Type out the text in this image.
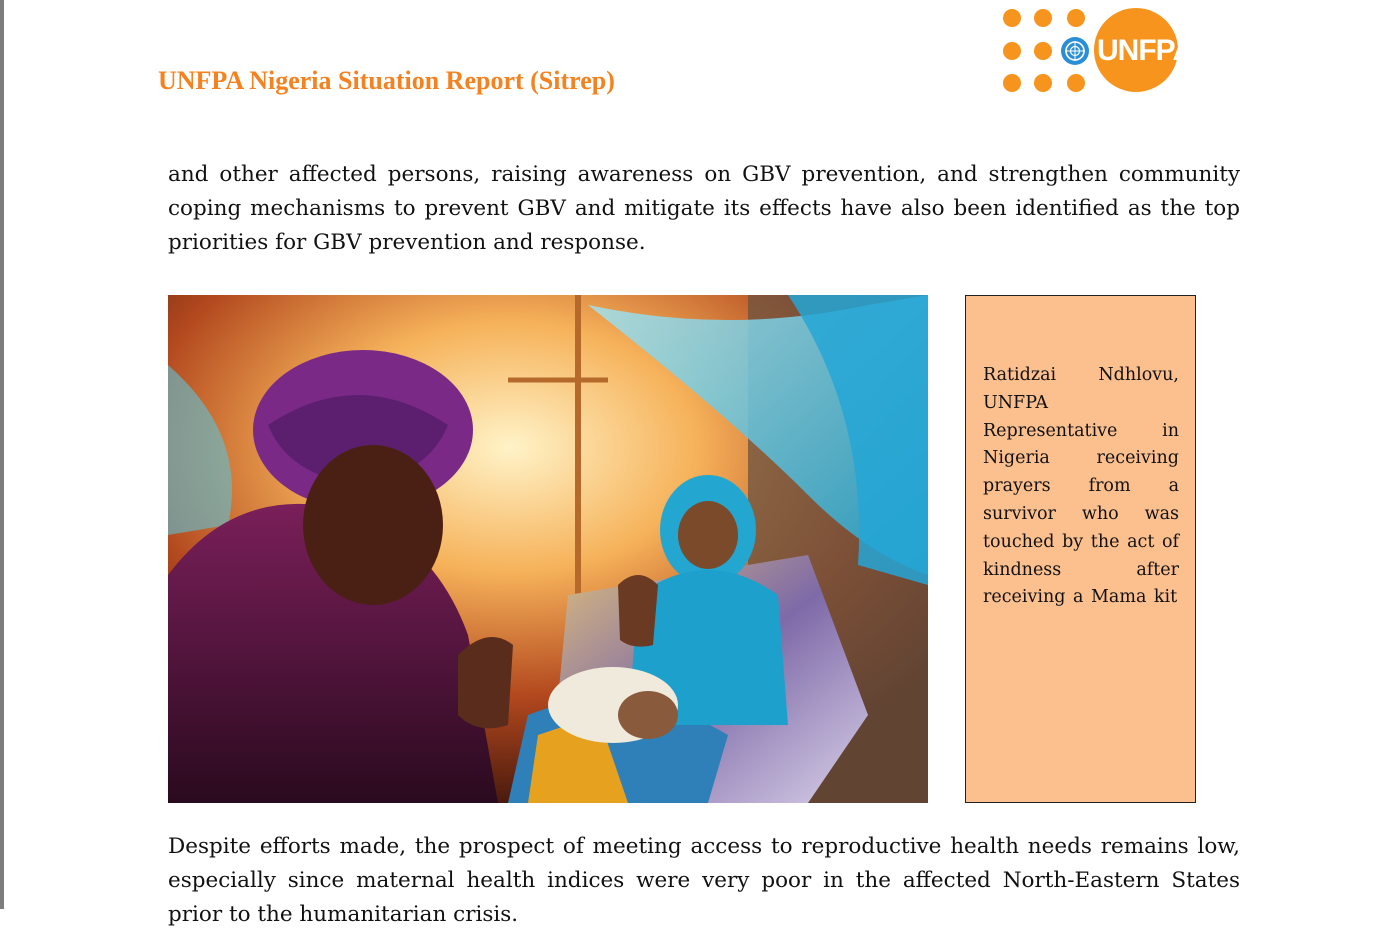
UNFPA Nigeria Situation Report (Sitrep)
UNFPA

and other affected persons, raising awareness on GBV prevention, and strengthen community coping mechanisms to prevent GBV and mitigate its effects have also been identified as the top priorities for GBV prevention and response.

Ratidzai Ndhlovu, UNFPA Representative in Nigeria receiving prayers from a survivor who was touched by the act of kindness after receiving a Mama kit

Despite efforts made, the prospect of meeting access to reproductive health needs remains low, especially since maternal health indices were very poor in the affected North-Eastern States prior to the humanitarian crisis.
